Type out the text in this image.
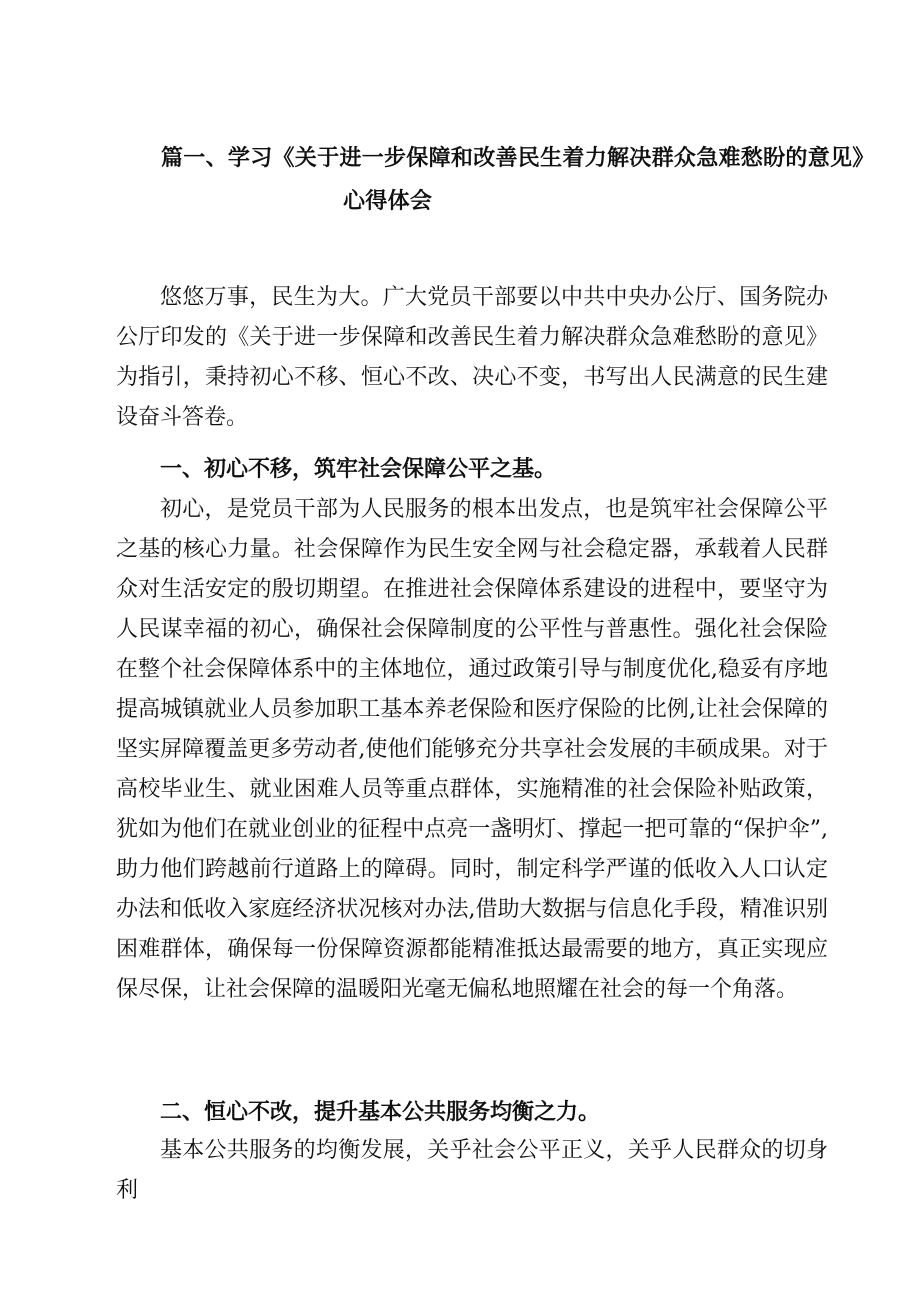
篇一、学习《关于进一步保障和改善民生着力解决群众急难愁盼的意见》
心得体会

悠悠万事，民生为大。广大党员干部要以中共中央办公厅、国务院办公厅印发的《关于进一步保障和改善民生着力解决群众急难愁盼的意见》为指引，秉持初心不移、恒心不改、决心不变，书写出人民满意的民生建设奋斗答卷。

一、初心不移，筑牢社会保障公平之基。

初心，是党员干部为人民服务的根本出发点，也是筑牢社会保障公平之基的核心力量。社会保障作为民生安全网与社会稳定器，承载着人民群众对生活安定的殷切期望。在推进社会保障体系建设的进程中，要坚守为人民谋幸福的初心，确保社会保障制度的公平性与普惠性。强化社会保险在整个社会保障体系中的主体地位，通过政策引导与制度优化,稳妥有序地提高城镇就业人员参加职工基本养老保险和医疗保险的比例,让社会保障的坚实屏障覆盖更多劳动者,使他们能够充分共享社会发展的丰硕成果。对于高校毕业生、就业困难人员等重点群体，实施精准的社会保险补贴政策，犹如为他们在就业创业的征程中点亮一盏明灯、撑起一把可靠的“保护伞”,助力他们跨越前行道路上的障碍。同时，制定科学严谨的低收入人口认定办法和低收入家庭经济状况核对办法,借助大数据与信息化手段，精准识别困难群体，确保每一份保障资源都能精准抵达最需要的地方，真正实现应保尽保，让社会保障的温暖阳光毫无偏私地照耀在社会的每一个角落。

二、恒心不改，提升基本公共服务均衡之力。

基本公共服务的均衡发展，关乎社会公平正义，关乎人民群众的切身利
